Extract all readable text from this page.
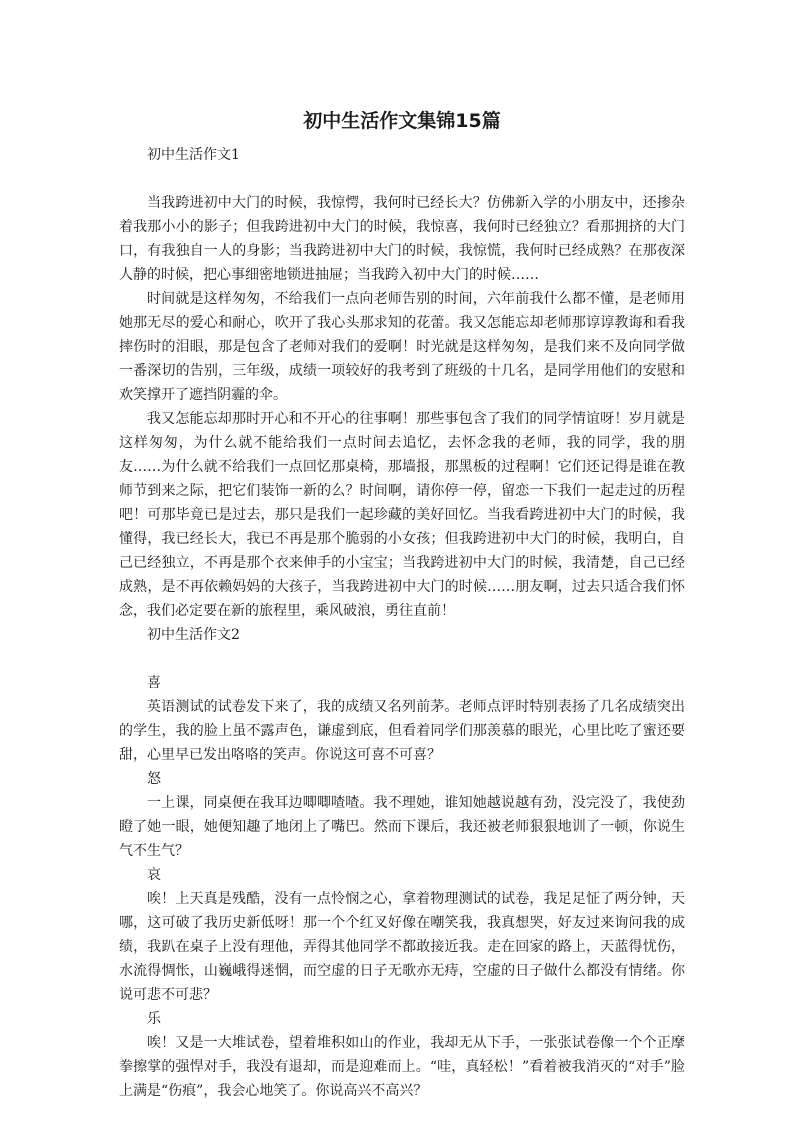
初中生活作文集锦15篇

初中生活作文1

当我跨进初中大门的时候，我惊愕，我何时已经长大？仿佛新入学的小朋友中，还掺杂着我那小小的影子；但我跨进初中大门的时候，我惊喜，我何时已经独立？看那拥挤的大门口，有我独自一人的身影；当我跨进初中大门的时候，我惊慌，我何时已经成熟？在那夜深人静的时候，把心事细密地锁进抽屉；当我跨入初中大门的时候……

时间就是这样匆匆，不给我们一点向老师告别的时间，六年前我什么都不懂，是老师用她那无尽的爱心和耐心，吹开了我心头那求知的花蕾。我又怎能忘却老师那谆谆教诲和看我摔伤时的泪眼，那是包含了老师对我们的爱啊！时光就是这样匆匆，是我们来不及向同学做一番深切的告别，三年级，成绩一项较好的我考到了班级的十几名，是同学用他们的安慰和欢笑撑开了遮挡阴霾的伞。

我又怎能忘却那时开心和不开心的往事啊！那些事包含了我们的同学情谊呀！岁月就是这样匆匆，为什么就不能给我们一点时间去追忆，去怀念我的老师，我的同学，我的朋友……为什么就不给我们一点回忆那桌椅，那墙报，那黑板的过程啊！它们还记得是谁在教师节到来之际，把它们装饰一新的么？时间啊，请你停一停，留恋一下我们一起走过的历程吧！可那毕竟已是过去，那只是我们一起珍藏的美好回忆。当我看跨进初中大门的时候，我懂得，我已经长大，我已不再是那个脆弱的小女孩；但我跨进初中大门的时候，我明白，自己已经独立，不再是那个衣来伸手的小宝宝；当我跨进初中大门的时候，我清楚，自己已经成熟，是不再依赖妈妈的大孩子，当我跨进初中大门的时候……朋友啊，过去只适合我们怀念，我们必定要在新的旅程里，乘风破浪，勇往直前！

初中生活作文2

喜

英语测试的试卷发下来了，我的成绩又名列前茅。老师点评时特别表扬了几名成绩突出的学生，我的脸上虽不露声色，谦虚到底，但看着同学们那羡慕的眼光，心里比吃了蜜还要甜，心里早已发出咯咯的笑声。你说这可喜不可喜？

怒

一上课，同桌便在我耳边唧唧喳喳。我不理她，谁知她越说越有劲，没完没了，我使劲瞪了她一眼，她便知趣了地闭上了嘴巴。然而下课后，我还被老师狠狠地训了一顿，你说生气不生气？

哀

唉！上天真是残酷，没有一点怜悯之心，拿着物理测试的试卷，我足足怔了两分钟，天哪，这可破了我历史新低呀！那一个个红叉好像在嘲笑我，我真想哭，好友过来询问我的成绩，我趴在桌子上没有理他，弄得其他同学不都敢接近我。走在回家的路上，天蓝得忧伤，水流得惆怅，山巍峨得迷惘，而空虚的日子无歌亦无痔，空虚的日子做什么都没有情绪。你说可悲不可悲？

乐

唉！又是一大堆试卷，望着堆积如山的作业，我却无从下手，一张张试卷像一个个正摩拳擦掌的强悍对手，我没有退却，而是迎难而上。“哇，真轻松！”看着被我消灭的“对手”脸上满是“伤痕”，我会心地笑了。你说高兴不高兴？
